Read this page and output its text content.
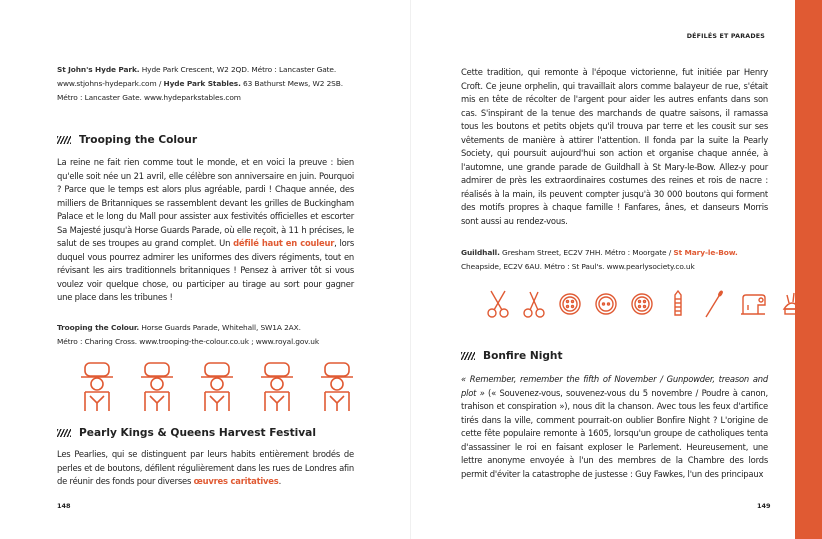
St John's Hyde Park. Hyde Park Crescent, W2 2QD. Métro : Lancaster Gate.
www.stjohns-hydepark.com / Hyde Park Stables. 63 Bathurst Mews, W2 2SB.
Métro : Lancaster Gate. www.hydeparkstables.com
Trooping the Colour
La reine ne fait rien comme tout le monde, et en voici la preuve : bien qu'elle soit née un 21 avril, elle célèbre son anniversaire en juin. Pourquoi ? Parce que le temps est alors plus agréable, pardi ! Chaque année, des milliers de Britanniques se rassemblent devant les grilles de Buckingham Palace et le long du Mall pour assister aux festivités officielles et escorter Sa Majesté jusqu'à Horse Guards Parade, où elle reçoit, à 11 h précises, le salut de ses troupes au grand complet. Un défilé haut en couleur, lors duquel vous pourrez admirer les uniformes des divers régiments, tout en révisant les airs traditionnels britanniques ! Pensez à arriver tôt si vous voulez voir quelque chose, ou participer au tirage au sort pour gagner une place dans les tribunes !
Trooping the Colour. Horse Guards Parade, Whitehall, SW1A 2AX.
Métro : Charing Cross. www.trooping-the-colour.co.uk ; www.royal.gov.uk
Pearly Kings & Queens Harvest Festival
Les Pearlies, qui se distinguent par leurs habits entièrement brodés de perles et de boutons, défilent régulièrement dans les rues de Londres afin de réunir des fonds pour diverses œuvres caritatives.
148
DÉFILÉS ET PARADES
Cette tradition, qui remonte à l'époque victorienne, fut initiée par Henry Croft. Ce jeune orphelin, qui travaillait alors comme balayeur de rue, s'était mis en tête de récolter de l'argent pour aider les autres enfants dans son cas. S'inspirant de la tenue des marchands de quatre saisons, il ramassa tous les boutons et petits objets qu'il trouva par terre et les cousit sur ses vêtements de manière à attirer l'attention. Il fonda par la suite la Pearly Society, qui poursuit aujourd'hui son action et organise chaque année, à l'automne, une grande parade de Guildhall à St Mary-le-Bow. Allez-y pour admirer de près les extraordinaires costumes des reines et rois de nacre : réalisés à la main, ils peuvent compter jusqu'à 30 000 boutons qui forment des motifs propres à chaque famille ! Fanfares, ânes, et danseurs Morris sont aussi au rendez-vous.
Guildhall. Gresham Street, EC2V 7HH. Métro : Moorgate / St Mary-le-Bow.
Cheapside, EC2V 6AU. Métro : St Paul's. www.pearlysociety.co.uk
Bonfire Night
« Remember, remember the fifth of November / Gunpowder, treason and plot » (« Souvenez-vous, souvenez-vous du 5 novembre / Poudre à canon, trahison et conspiration »), nous dit la chanson. Avec tous les feux d'artifice tirés dans la ville, comment pourrait-on oublier Bonfire Night ? L'origine de cette fête populaire remonte à 1605, lorsqu'un groupe de catholiques tenta d'assassiner le roi en faisant exploser le Parlement. Heureusement, une lettre anonyme envoyée à l'un des membres de la Chambre des lords permit d'éviter la catastrophe de justesse : Guy Fawkes, l'un des principaux
149
